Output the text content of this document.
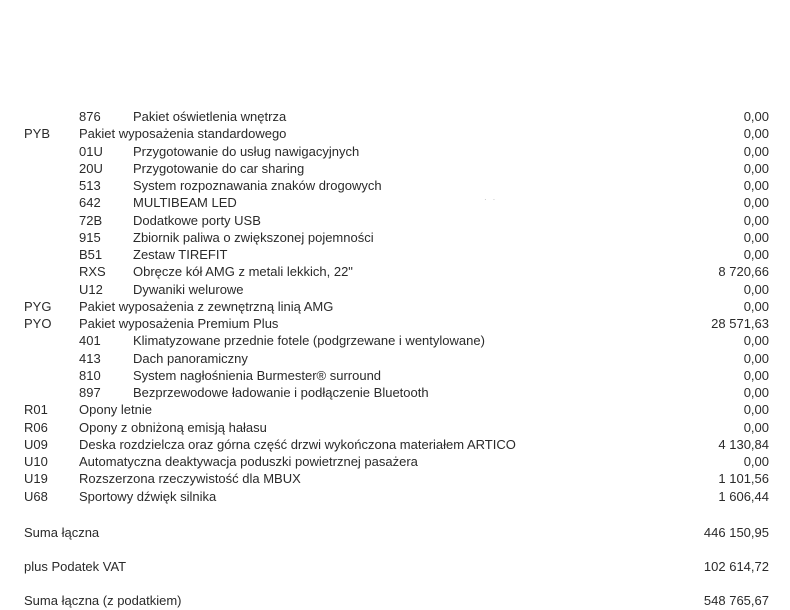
876 Pakiet oświetlenia wnętrza	0,00
PYB Pakiet wyposażenia standardowego	0,00
01U Przygotowanie do usług nawigacyjnych	0,00
20U Przygotowanie do car sharing	0,00
513 System rozpoznawania znaków drogowych	0,00
642 MULTIBEAM LED	0,00
72B Dodatkowe porty USB	0,00
915 Zbiornik paliwa o zwiększonej pojemności	0,00
B51 Zestaw TIREFIT	0,00
RXS Obręcze kół AMG z metali lekkich, 22"	8 720,66
U12 Dywaniki welurowe	0,00
PYG Pakiet wyposażenia z zewnętrzną linią AMG	0,00
PYO Pakiet wyposażenia Premium Plus	28 571,63
401 Klimatyzowane przednie fotele (podgrzewane i wentylowane)	0,00
413 Dach panoramiczny	0,00
810 System nagłośnienia Burmester® surround	0,00
897 Bezprzewodowe ładowanie i podłączenie Bluetooth	0,00
R01 Opony letnie	0,00
R06 Opony z obniżoną emisją hałasu	0,00
U09 Deska rozdzielcza oraz górna część drzwi wykończona materiałem ARTICO	4 130,84
U10 Automatyczna deaktywacja poduszki powietrznej pasażera	0,00
U19 Rozszerzona rzeczywistość dla MBUX	1 101,56
U68 Sportowy dźwięk silnika	1 606,44
··
Suma łączna	446 150,95
plus Podatek VAT	102 614,72
Suma łączna (z podatkiem)	548 765,67
